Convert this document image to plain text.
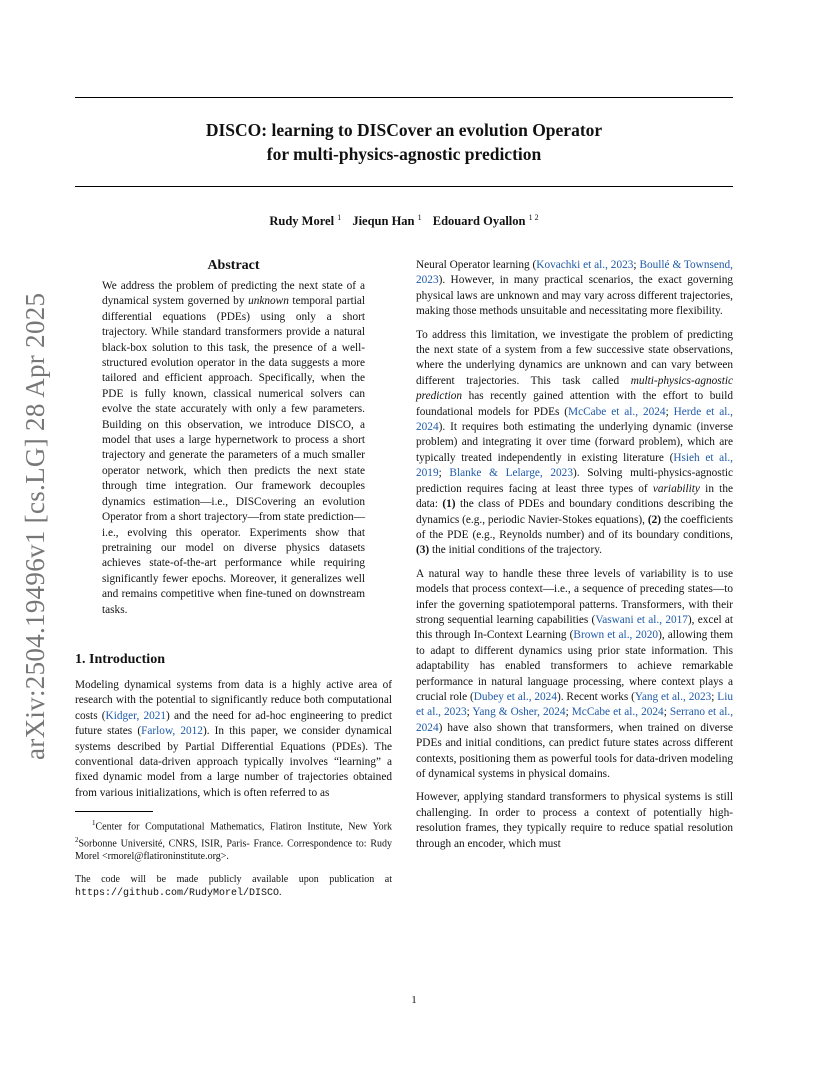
arXiv:2504.19496v1 [cs.LG] 28 Apr 2025
DISCO: learning to DISCover an evolution Operator
for multi-physics-agnostic prediction
Rudy Morel $^1$ Jiequn Han $^1$ Edouard Oyallon $^{1 2}$
Abstract

We address the problem of predicting the next state of a dynamical system governed by unknown temporal partial differential equations (PDEs) using only a short trajectory. While standard transformers provide a natural black-box solution to this task, the presence of a well-structured evolution operator in the data suggests a more tailored and efficient approach. Specifically, when the PDE is fully known, classical numerical solvers can evolve the state accurately with only a few parameters. Building on this observation, we introduce DISCO, a model that uses a large hypernetwork to process a short trajectory and generate the parameters of a much smaller operator network, which then predicts the next state through time integration. Our framework decouples dynamics estimation—i.e., DISCovering an evolution Operator from a short trajectory—from state prediction—i.e., evolving this operator. Experiments show that pretraining our model on diverse physics datasets achieves state-of-the-art performance while requiring significantly fewer epochs. Moreover, it generalizes well and remains competitive when fine-tuned on downstream tasks.

1. Introduction

Modeling dynamical systems from data is a highly active area of research with the potential to significantly reduce both computational costs (Kidger, 2021) and the need for ad-hoc engineering to predict future states (Farlow, 2012). In this paper, we consider dynamical systems described by Partial Differential Equations (PDEs). The conventional data-driven approach typically involves “learning” a fixed dynamic model from a large number of trajectories obtained from various initializations, which is often referred to as

$^1$Center for Computational Mathematics, Flatiron Institute, New York $^2$Sorbonne Université, CNRS, ISIR, Paris- France. Correspondence to: Rudy Morel <rmorel@flatironinstitute.org>.

The code will be made publicly available upon publication at https://github.com/RudyMorel/DISCO.

Neural Operator learning (Kovachki et al., 2023; Boullé & Townsend, 2023). However, in many practical scenarios, the exact governing physical laws are unknown and may vary across different trajectories, making those methods unsuitable and necessitating more flexibility.

To address this limitation, we investigate the problem of predicting the next state of a system from a few successive state observations, where the underlying dynamics are unknown and can vary between different trajectories. This task called multi-physics-agnostic prediction has recently gained attention with the effort to build foundational models for PDEs (McCabe et al., 2024; Herde et al., 2024). It requires both estimating the underlying dynamic (inverse problem) and integrating it over time (forward problem), which are typically treated independently in existing literature (Hsieh et al., 2019; Blanke & Lelarge, 2023). Solving multi-physics-agnostic prediction requires facing at least three types of variability in the data: (1) the class of PDEs and boundary conditions describing the dynamics (e.g., periodic Navier-Stokes equations), (2) the coefficients of the PDE (e.g., Reynolds number) and of its boundary conditions, (3) the initial conditions of the trajectory.

A natural way to handle these three levels of variability is to use models that process context—i.e., a sequence of preceding states—to infer the governing spatiotemporal patterns. Transformers, with their strong sequential learning capabilities (Vaswani et al., 2017), excel at this through In-Context Learning (Brown et al., 2020), allowing them to adapt to different dynamics using prior state information. This adaptability has enabled transformers to achieve remarkable performance in natural language processing, where context plays a crucial role (Dubey et al., 2024). Recent works (Yang et al., 2023; Liu et al., 2023; Yang & Osher, 2024; McCabe et al., 2024; Serrano et al., 2024) have also shown that transformers, when trained on diverse PDEs and initial conditions, can predict future states across different contexts, positioning them as powerful tools for data-driven modeling of dynamical systems in physical domains.

However, applying standard transformers to physical systems is still challenging. In order to process a context of potentially high-resolution frames, they typically require to reduce spatial resolution through an encoder, which must

1
